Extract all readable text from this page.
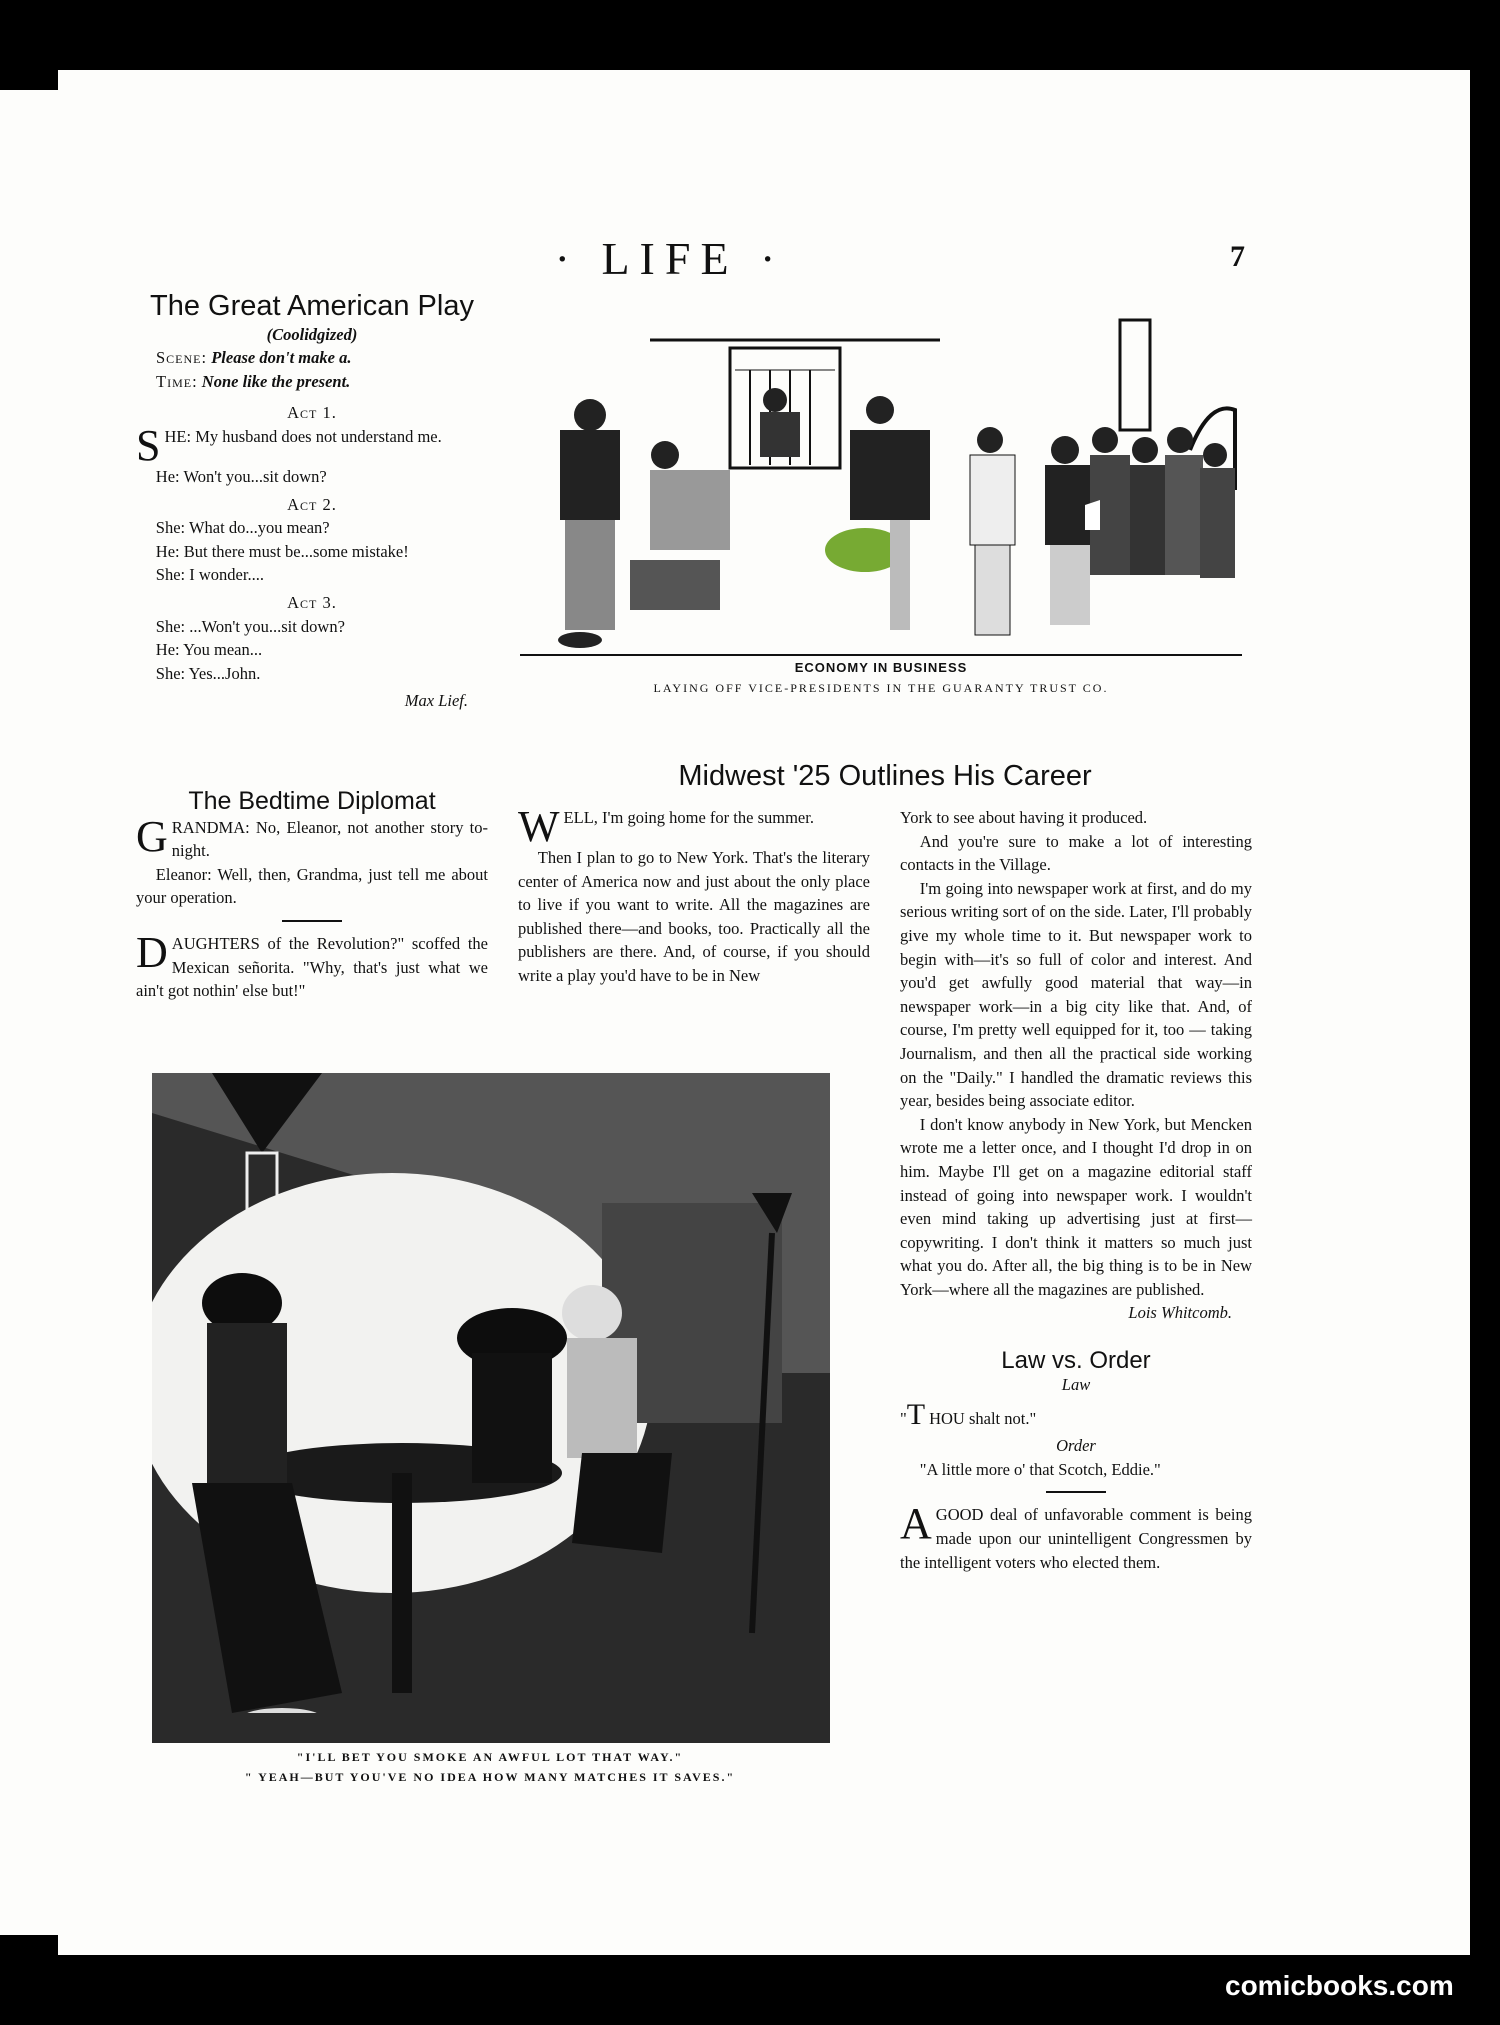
· LIFE ·	7
The Great American Play

(Coolidgized)

Scene: Please don't make a.

Time: None like the present.

Act 1.

SHE: My husband does not understand me.

He: Won't you...sit down?

Act 2.

She: What do...you mean?

He: But there must be...some mistake!

She: I wonder....

Act 3.

She: ...Won't you...sit down?

He: You mean...

She: Yes...John.

Max Lief.

ECONOMY IN BUSINESS
LAYING OFF VICE-PRESIDENTS IN THE GUARANTY TRUST CO.
Midwest '25 Outlines His Career
The Bedtime Diplomat

GRANDMA: No, Eleanor, not another story to-night.

Eleanor: Well, then, Grandma, just tell me about your operation.

DAUGHTERS of the Revolution?" scoffed the Mexican señorita. "Why, that's just what we ain't got nothin' else but!"

WELL, I'm going home for the summer.

Then I plan to go to New York. That's the literary center of America now and just about the only place to live if you want to write. All the magazines are published there—and books, too. Practically all the publishers are there. And, of course, if you should write a play you'd have to be in New

York to see about having it produced.

And you're sure to make a lot of interesting contacts in the Village.

I'm going into newspaper work at first, and do my serious writing sort of on the side. Later, I'll probably give my whole time to it. But newspaper work to begin with—it's so full of color and interest. And you'd get awfully good material that way—in newspaper work—in a big city like that. And, of course, I'm pretty well equipped for it, too — taking Journalism, and then all the practical side working on the "Daily." I handled the dramatic reviews this year, besides being associate editor.

I don't know anybody in New York, but Mencken wrote me a letter once, and I thought I'd drop in on him. Maybe I'll get on a magazine editorial staff instead of going into newspaper work. I wouldn't even mind taking up advertising just at first—copywriting. I don't think it matters so much just what you do. After all, the big thing is to be in New York—where all the magazines are published.

Lois Whitcomb.

Law vs. Order

Law

"T HOU shalt not."

Order

"A little more o' that Scotch, Eddie."

AGOOD deal of unfavorable comment is being made upon our unintelligent Congressmen by the intelligent voters who elected them.

"I'LL BET YOU SMOKE AN AWFUL LOT THAT WAY."
" YEAH—BUT YOU'VE NO IDEA HOW MANY MATCHES IT SAVES."
comicbooks.com
